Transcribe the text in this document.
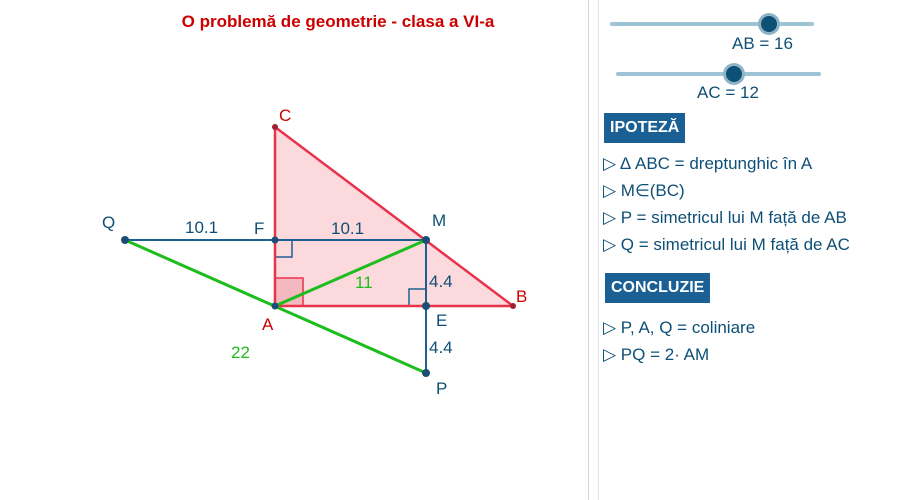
O problemă de geometrie - clasa a VI-a
C
B
A
M
F
E
P
Q	10.1	10.1
11	4.4
4.4
22
AB = 16
AC = 12
IPOTEZĂ
▷ Δ ABC = dreptunghic în A
▷ M∈(BC)
▷ P = simetricul lui M față de AB
▷ Q = simetricul lui M față de AC
CONCLUZIE
▷ P, A, Q = coliniare
▷ PQ = 2· AM
